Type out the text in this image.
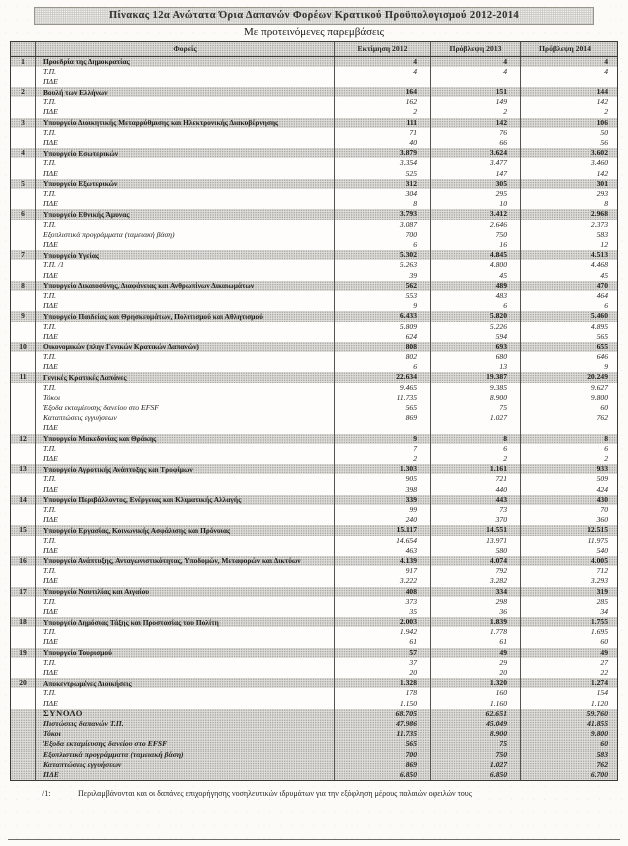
Πίνακας 12α Ανώτατα Όρια Δαπανών Φορέων Κρατικού Προϋπολογισμού 2012-2014
Με προτεινόμενες παρεμβάσεις
Φορείς	Εκτίμηση 2012	Πρόβλεψη 2013	Πρόβλεψη 2014
1	Προεδρία της Δημοκρατίας	4	4	4
Τ.Π.	4	4	4
ΠΔΕ
2	Βουλή των Ελλήνων	164	151	144
Τ.Π.	162	149	142
ΠΔΕ	2	2	2
3	Υπουργείο Διοικητικής Μεταρρύθμισης και Ηλεκτρονικής Διακυβέρνησης	111	142	106
Τ.Π.	71	76	50
ΠΔΕ	40	66	56
4	Υπουργείο Εσωτερικών	3.879	3.624	3.602
Τ.Π.	3.354	3.477	3.460
ΠΔΕ	525	147	142
5	Υπουργείο Εξωτερικών	312	305	301
Τ.Π.	304	295	293
ΠΔΕ	8	10	8
6	Υπουργείο Εθνικής Άμυνας	3.793	3.412	2.968
Τ.Π.	3.087	2.646	2.373
Εξοπλιστικά προγράμματα (ταμειακή βάση)	700	750	583
ΠΔΕ	6	16	12
7	Υπουργείο Υγείας	5.302	4.845	4.513
Τ.Π. /1	5.263	4.800	4.468
ΠΔΕ	39	45	45
8	Υπουργείο Δικαιοσύνης, Διαφάνειας και Ανθρωπίνων Δικαιωμάτων	562	489	470
Τ.Π.	553	483	464
ΠΔΕ	9	6	6
9	Υπουργείο Παιδείας και Θρησκευμάτων, Πολιτισμού και Αθλητισμού	6.433	5.820	5.460
Τ.Π.	5.809	5.226	4.895
ΠΔΕ	624	594	565
10	Οικονομικών (πλην Γενικών Κρατικών Δαπανών)	808	693	655
Τ.Π.	802	680	646
ΠΔΕ	6	13	9
11	Γενικές Κρατικές Δαπάνες	22.634	19.387	20.249
Τ.Π.	9.465	9.385	9.627
Τόκοι	11.735	8.900	9.800
Έξοδα εκταμίευσης δανείου στο EFSF	565	75	60
Καταπτώσεις εγγυήσεων	869	1.027	762
ΠΔΕ
12	Υπουργείο Μακεδονίας και Θράκης	9	8	8
Τ.Π.	7	6	6
ΠΔΕ	2	2	2
13	Υπουργείο Αγροτικής Ανάπτυξης και Τροφίμων	1.303	1.161	933
Τ.Π.	905	721	509
ΠΔΕ	398	440	424
14	Υπουργείο Περιβάλλοντος, Ενέργειας και Κλιματικής Αλλαγής	339	443	430
Τ.Π.	99	73	70
ΠΔΕ	240	370	360
15	Υπουργείο Εργασίας, Κοινωνικής Ασφάλισης και Πρόνοιας	15.117	14.551	12.515
Τ.Π.	14.654	13.971	11.975
ΠΔΕ	463	580	540
16	Υπουργείο Ανάπτυξης, Ανταγωνιστικότητας, Υποδομών, Μεταφορών και Δικτύων	4.139	4.074	4.005
Τ.Π.	917	792	712
ΠΔΕ	3.222	3.282	3.293
17	Υπουργείο Ναυτιλίας και Αιγαίου	408	334	319
Τ.Π.	373	298	285
ΠΔΕ	35	36	34
18	Υπουργείο Δημόσιας Τάξης και Προστασίας του Πολίτη	2.003	1.839	1.755
Τ.Π.	1.942	1.778	1.695
ΠΔΕ	61	61	60
19	Υπουργείο Τουρισμού	57	49	49
Τ.Π.	37	29	27
ΠΔΕ	20	20	22
20	Αποκεντρωμένες Διοικήσεις	1.328	1.320	1.274
Τ.Π.	178	160	154
ΠΔΕ	1.150	1.160	1.120
ΣΥΝΟΛΟ	68.705	62.651	59.760
Πιστώσεις δαπανών Τ.Π.	47.986	45.049	41.855
Τόκοι	11.735	8.900	9.800
Έξοδα εκταμίευσης δανείου στο EFSF	565	75	60
Εξοπλιστικά προγράμματα (ταμειακή βάση)	700	750	583
Καταπτώσεις εγγυήσεων	869	1.027	762
ΠΔΕ	6.850	6.850	6.700
/1:	Περιλαμβάνονται και οι δαπάνες επιχορήγησης νοσηλευτικών ιδρυμάτων για την εξόφληση μέρους παλαιών οφειλών τους
